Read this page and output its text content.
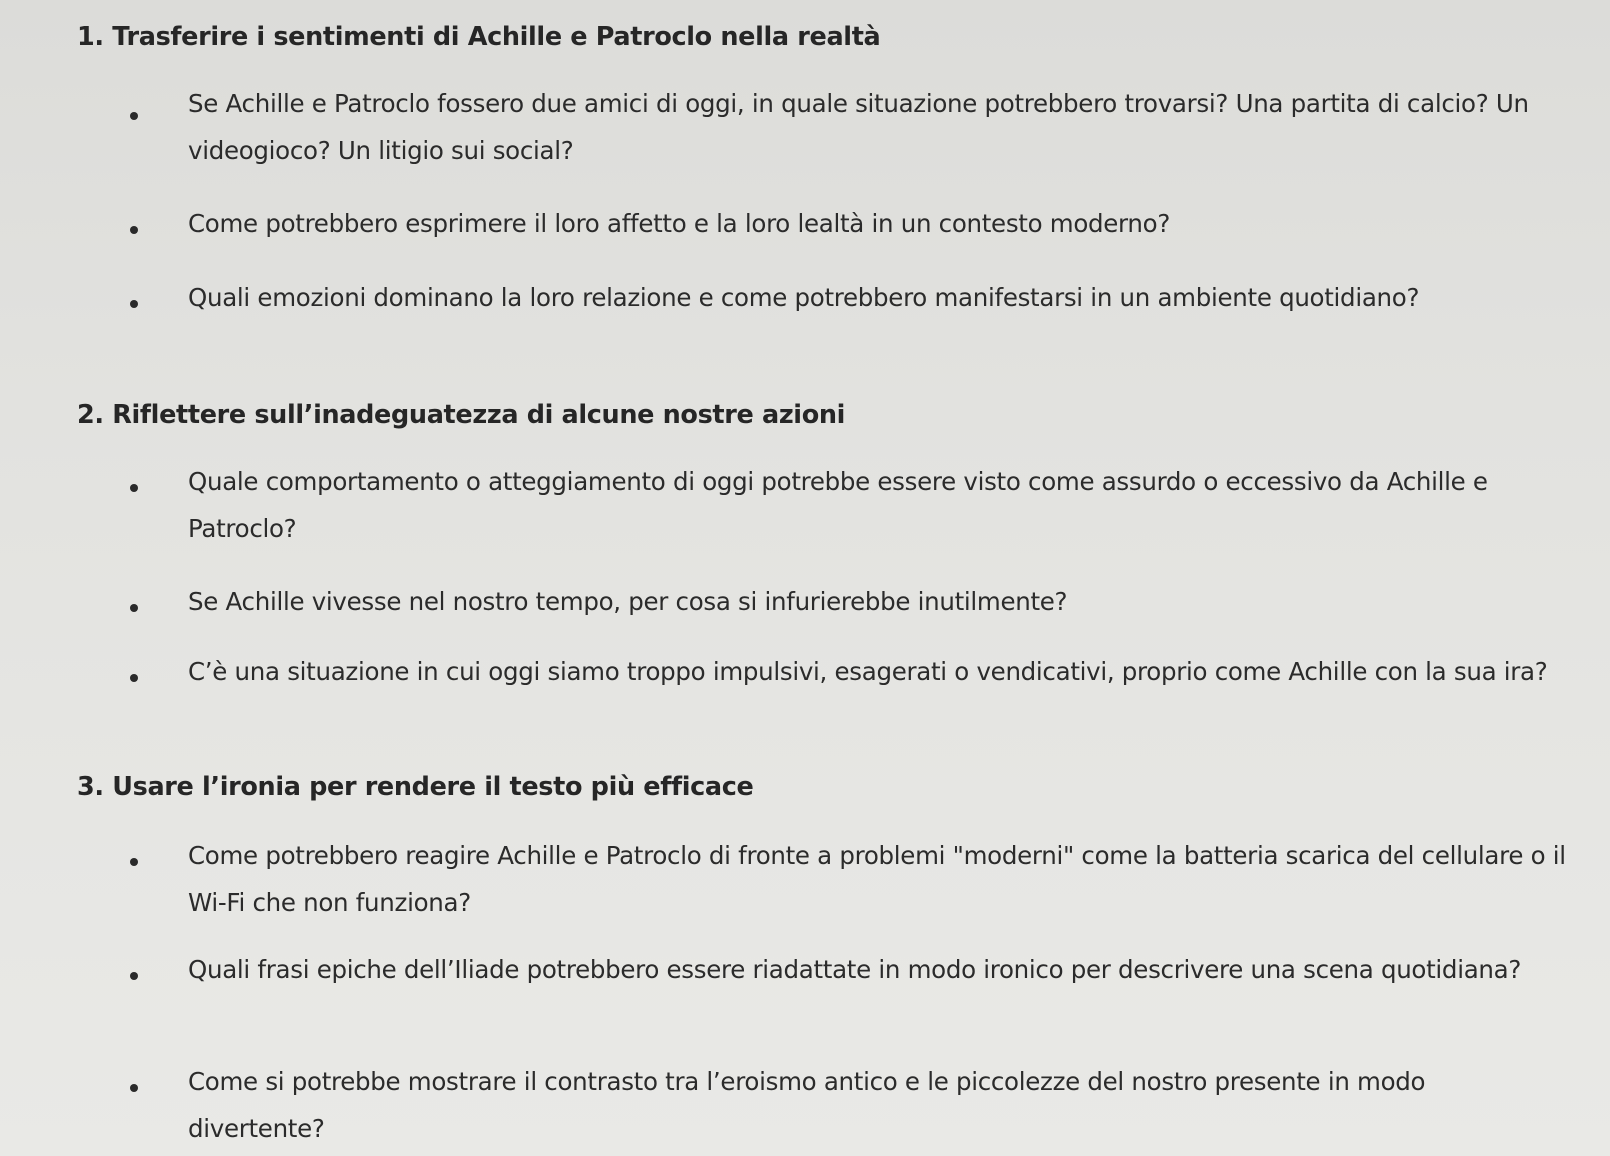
1. Trasferire i sentimenti di Achille e Patroclo nella realtà
Se Achille e Patroclo fossero due amici di oggi, in quale situazione potrebbero trovarsi? Una partita di calcio? Un videogioco? Un litigio sui social?
Come potrebbero esprimere il loro affetto e la loro lealtà in un contesto moderno?
Quali emozioni dominano la loro relazione e come potrebbero manifestarsi in un ambiente quotidiano?
2. Riflettere sull’inadeguatezza di alcune nostre azioni
Quale comportamento o atteggiamento di oggi potrebbe essere visto come assurdo o eccessivo da Achille e Patroclo?
Se Achille vivesse nel nostro tempo, per cosa si infurierebbe inutilmente?
C’è una situazione in cui oggi siamo troppo impulsivi, esagerati o vendicativi, proprio come Achille con la sua ira?
3. Usare l’ironia per rendere il testo più efficace
Come potrebbero reagire Achille e Patroclo di fronte a problemi "moderni" come la batteria scarica del cellulare o il Wi-Fi che non funziona?
Quali frasi epiche dell’Iliade potrebbero essere riadattate in modo ironico per descrivere una scena quotidiana?
Come si potrebbe mostrare il contrasto tra l’eroismo antico e le piccolezze del nostro presente in modo divertente?
